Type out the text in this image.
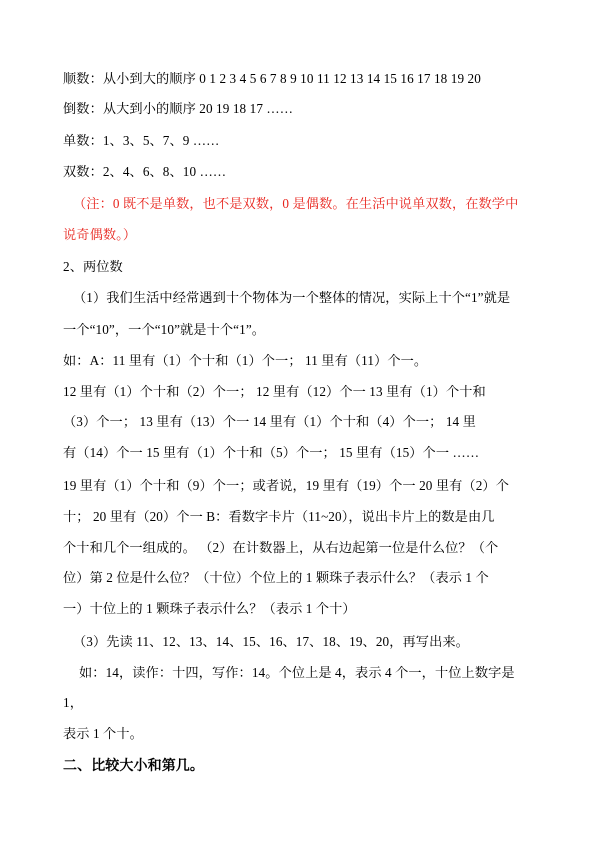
顺数：从小到大的顺序 0 1 2 3 4 5 6 7 8 9 10 11 12 13 14 15 16 17 18 19 20
倒数：从大到小的顺序 20 19 18 17 ……
单数：1、3、5、7、9 ……
双数：2、4、6、8、10 ……
（注：0 既不是单数，也不是双数，0 是偶数。在生活中说单双数，在数学中
说奇偶数。）
2、两位数
（1）我们生活中经常遇到十个物体为一个整体的情况，实际上十个“1”就是
一个“10”，一个“10”就是十个“1”。
如：A：11 里有（1）个十和（1）个一； 11 里有（11）个一。
12 里有（1）个十和（2）个一； 12 里有（12）个一 13 里有（1）个十和
（3）个一； 13 里有（13）个一 14 里有（1）个十和（4）个一； 14 里
有（14）个一 15 里有（1）个十和（5）个一； 15 里有（15）个一 ……
19 里有（1）个十和（9）个一；或者说，19 里有（19）个一 20 里有（2）个
十； 20 里有（20）个一 B：看数字卡片（11~20），说出卡片上的数是由几
个十和几个一组成的。 （2）在计数器上，从右边起第一位是什么位？（个
位）第 2 位是什么位？（十位）个位上的 1 颗珠子表示什么？（表示 1 个
一）十位上的 1 颗珠子表示什么？（表示 1 个十）
（3）先读 11、12、13、14、15、16、17、18、19、20，再写出来。
如：14，读作：十四，写作：14。个位上是 4，表示 4 个一，十位上数字是
1，
表示 1 个十。
二、比较大小和第几。
